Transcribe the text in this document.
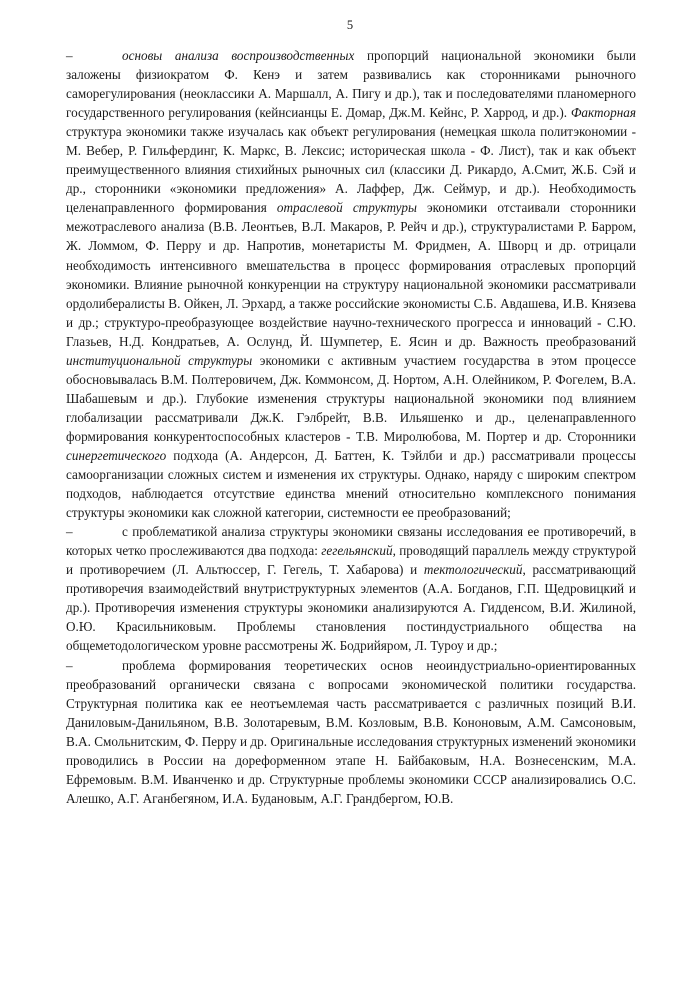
5

–	основы анализа воспроизводственных пропорций национальной экономики были заложены физиократом Ф. Кенэ и затем развивались как сторонниками рыночного саморегулирования (неоклассики А. Маршалл, А. Пигу и др.), так и последователями планомерного государственного регулирования (кейнсианцы Е. Домар, Дж.М. Кейнс, Р. Харрод, и др.). Факторная структура экономики также изучалась как объект регулирования (немецкая школа политэкономии - М. Вебер, Р. Гильфердинг, К. Маркс, В. Лексис; историческая школа - Ф. Лист), так и как объект преимущественного влияния стихийных рыночных сил (классики Д. Рикардо, А.Смит, Ж.Б. Сэй и др., сторонники «экономики предложения» А. Лаффер, Дж. Сеймур, и др.). Необходимость целенаправленного формирования отраслевой структуры экономики отстаивали сторонники межотраслевого анализа (В.В. Леонтьев, В.Л. Макаров, Р. Рейч и др.), структуралистами Р. Барром, Ж. Ломмом, Ф. Перру и др. Напротив, монетаристы М. Фридмен, А. Шворц и др. отрицали необходимость интенсивного вмешательства в процесс формирования отраслевых пропорций экономики. Влияние рыночной конкуренции на структуру национальной экономики рассматривали ордолибералисты В. Ойкен, Л. Эрхард, а также российские экономисты С.Б. Авдашева, И.В. Князева и др.; структуро-преобразующее воздействие научно-технического прогресса и инноваций - С.Ю. Глазьев, Н.Д. Кондратьев, А. Ослунд, Й. Шумпетер, Е. Ясин и др. Важность преобразований институциональной структуры экономики с активным участием государства в этом процессе обосновывалась В.М. Полтеровичем, Дж. Коммонсом, Д. Нортом, А.Н. Олейником, Р. Фогелем, В.А. Шабашевым и др.). Глубокие изменения структуры национальной экономики под влиянием глобализации рассматривали Дж.К. Гэлбрейт, В.В. Ильяшенко и др., целенаправленного формирования конкурентоспособных кластеров - Т.В. Миролюбова, М. Портер и др. Сторонники синергетического подхода (А. Андерсон, Д. Баттен, К. Тэйлби и др.) рассматривали процессы самоорганизации сложных систем и изменения их структуры. Однако, наряду с широким спектром подходов, наблюдается отсутствие единства мнений относительно комплексного понимания структуры экономики как сложной категории, системности ее преобразований;

–	с проблематикой анализа структуры экономики связаны исследования ее противоречий, в которых четко прослеживаются два подхода: гегельянский, проводящий параллель между структурой и противоречием (Л. Альтюссер, Г. Гегель, Т. Хабарова) и тектологический, рассматривающий противоречия взаимодействий внутриструктурных элементов (А.А. Богданов, Г.П. Щедровицкий и др.). Противоречия изменения структуры экономики анализируются А. Гидденсом, В.И. Жилиной, О.Ю. Красильниковым. Проблемы становления постиндустриального общества на общеметодологическом уровне рассмотрены Ж. Бодрийяром, Л. Туроу и др.;

–	проблема формирования теоретических основ неоиндустриально-ориентированных преобразований органически связана с вопросами экономической политики государства. Структурная политика как ее неотъемлемая часть рассматривается с различных позиций В.И. Даниловым-Данильяном, В.В. Золотаревым, В.М. Козловым, В.В. Кононовым, А.М. Самсоновым, В.А. Смольнитским, Ф. Перру и др. Оригинальные исследования структурных изменений экономики проводились в России на дореформенном этапе Н. Байбаковым, Н.А. Вознесенским, М.А. Ефремовым. В.М. Иванченко и др. Структурные проблемы экономики СССР анализировались О.С. Алешко, А.Г. Аганбегяном, И.А. Будановым, А.Г. Грандбергом, Ю.В.
